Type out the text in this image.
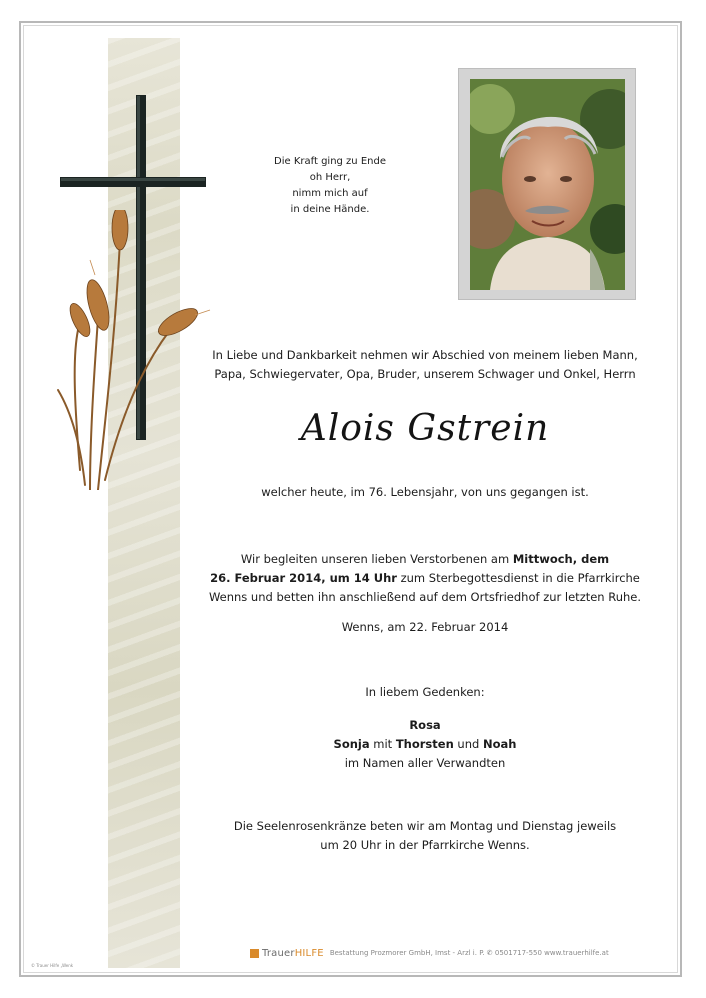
Die Kraft ging zu Ende
oh Herr,
nimm mich auf
in deine Hände.
In Liebe und Dankbarkeit nehmen wir Abschied von meinem lieben Mann,
Papa, Schwiegervater, Opa, Bruder, unserem Schwager und Onkel, Herrn
Alois Gstrein
welcher heute, im 76. Lebensjahr, von uns gegangen ist.
Wir begleiten unseren lieben Verstorbenen am Mittwoch, dem
26. Februar 2014, um 14 Uhr zum Sterbegottesdienst in die Pfarrkirche
Wenns und betten ihn anschließend auf dem Ortsfriedhof zur letzten Ruhe.
Wenns, am 22. Februar 2014
In liebem Gedenken:
Rosa
Sonja mit Thorsten und Noah
im Namen aller Verwandten
Die Seelenrosenkränze beten wir am Montag und Dienstag jeweils
um 20 Uhr in der Pfarrkirche Wenns.
Trauer HILFE Bestattung Prozmorer GmbH, Imst - Arzl i. P. ✆ 0501717-550 www.trauerhilfe.at
© Trauer Hilfe „Wenk
